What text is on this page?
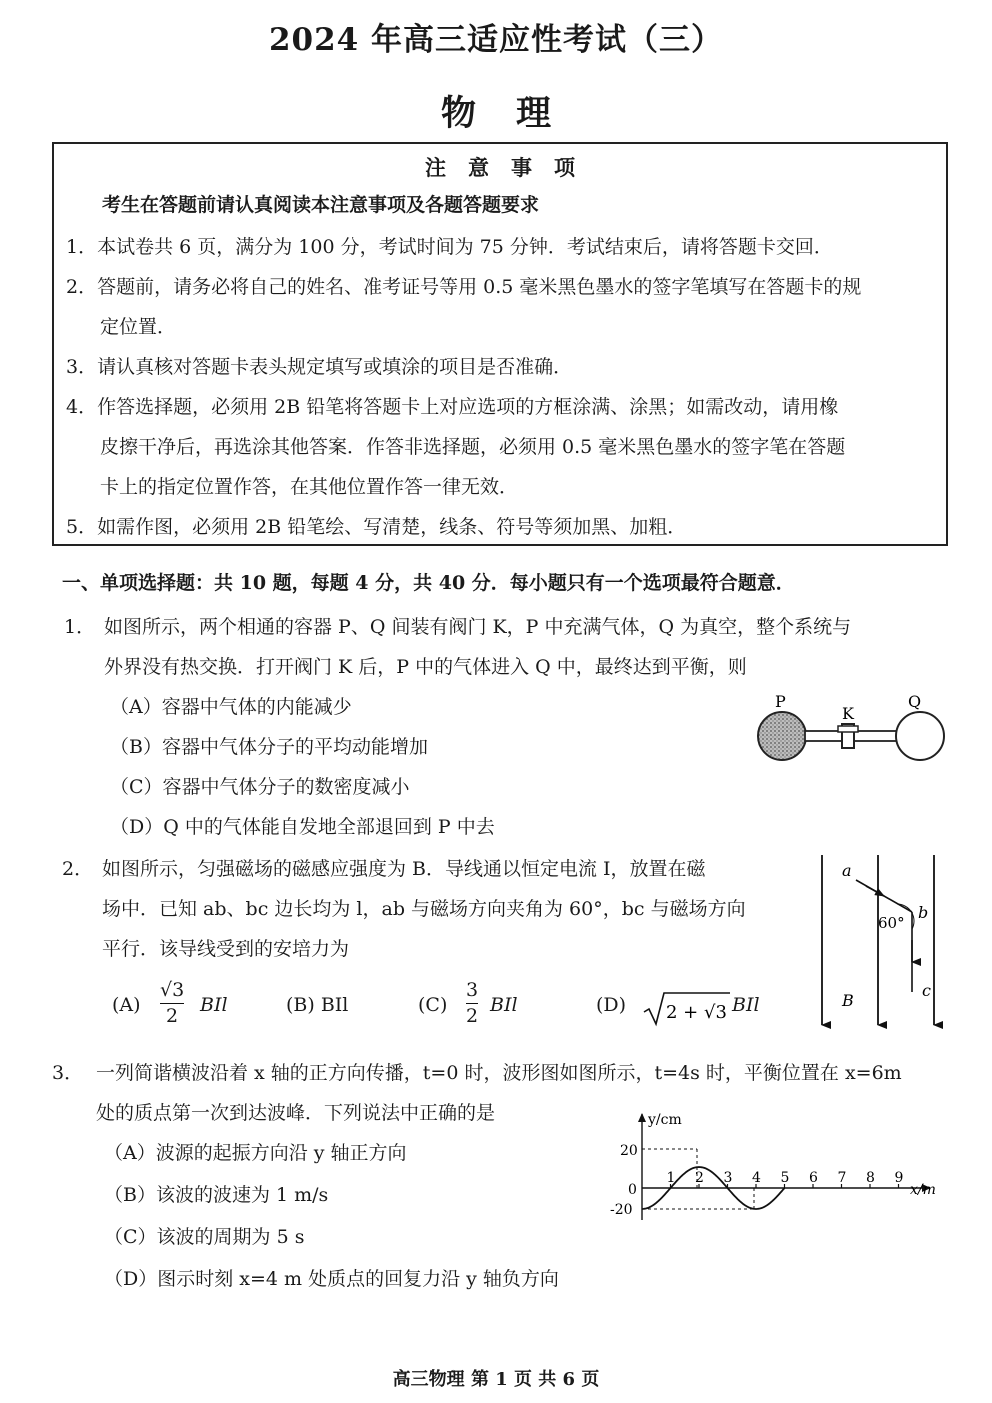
2024 年高三适应性考试（三）
物理
注意事项
考生在答题前请认真阅读本注意事项及各题答题要求
1．本试卷共 6 页，满分为 100 分，考试时间为 75 分钟．考试结束后，请将答题卡交回．
2．答题前，请务必将自己的姓名、准考证号等用 0.5 毫米黑色墨水的签字笔填写在答题卡的规
定位置．
3．请认真核对答题卡表头规定填写或填涂的项目是否准确．
4．作答选择题，必须用 2B 铅笔将答题卡上对应选项的方框涂满、涂黑；如需改动，请用橡
皮擦干净后，再选涂其他答案．作答非选择题，必须用 0.5 毫米黑色墨水的签字笔在答题
卡上的指定位置作答，在其他位置作答一律无效．
5．如需作图，必须用 2B 铅笔绘、写清楚，线条、符号等须加黑、加粗．
一、单项选择题：共 10 题，每题 4 分，共 40 分．每小题只有一个选项最符合题意．
1． 如图所示，两个相通的容器 P、Q 间装有阀门 K，P 中充满气体，Q 为真空，整个系统与
外界没有热交换．打开阀门 K 后，P 中的气体进入 Q 中，最终达到平衡，则
（A）容器中气体的内能减少
（B）容器中气体分子的平均动能增加
（C）容器中气体分子的数密度减小
（D）Q 中的气体能自发地全部退回到 P 中去
P
K
Q
2． 如图所示，匀强磁场的磁感应强度为 B．导线通以恒定电流 I，放置在磁
场中．已知 ab、bc 边长均为 l，ab 与磁场方向夹角为 60°，bc 与磁场方向
平行．该导线受到的安培力为
(A)
√3
2 BIl	(B) BIl	(C)
3
2 BIl	(D) 2 + √3 BIl
60°
a
b
c
B
3． 一列简谐横波沿着 x 轴的正方向传播，t=0 时，波形图如图所示，t=4s 时，平衡位置在 x=6m
处的质点第一次到达波峰．下列说法中正确的是
（A）波源的起振方向沿 y 轴正方向
（B）该波的波速为 1 m/s
（C）该波的周期为 5 s
（D）图示时刻 x=4 m 处质点的回复力沿 y 轴负方向
1 2 3 4 5 6 7 8 9
y/cm
x/m
20
-20
0
高三物理 第 1 页 共 6 页
